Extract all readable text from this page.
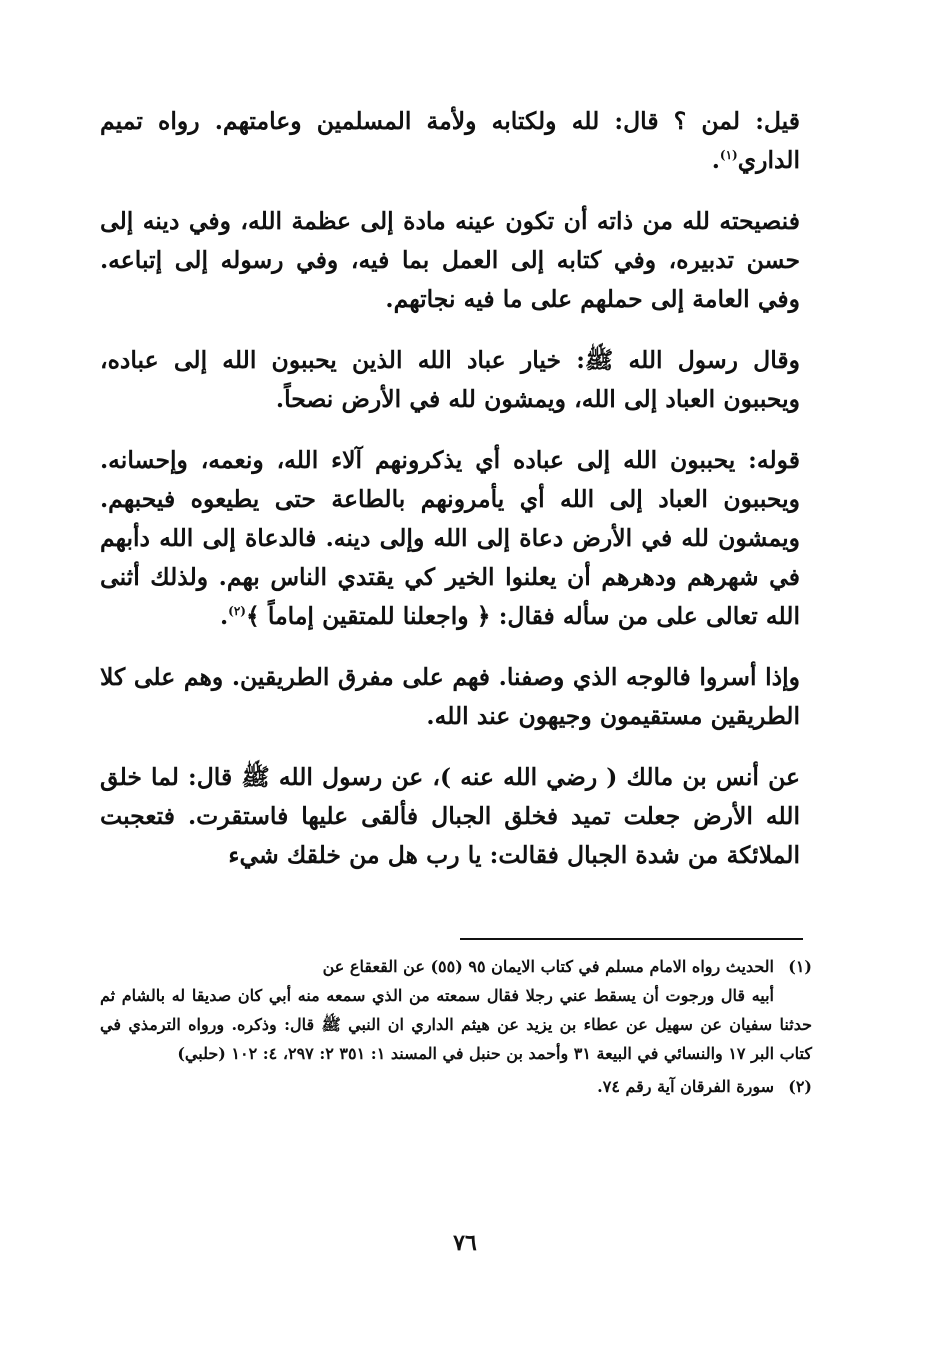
قيل: لمن ؟ قال: لله ولكتابه ولأمة المسلمين وعامتهم. رواه تميم الداري$^{(١)}$.

فنصيحته لله من ذاته أن تكون عينه مادة إلى عظمة الله، وفي دينه إلى حسن تدبيره، وفي كتابه إلى العمل بما فيه، وفي رسوله إلى إتباعه. وفي العامة إلى حملهم على ما فيه نجاتهم.

وقال رسول الله ﷺ: خيار عباد الله الذين يحببون الله إلى عباده، ويحببون العباد إلى الله، ويمشون لله في الأرض نصحاً.

قوله: يحببون الله إلى عباده أي يذكرونهم آلاء الله، ونعمه، وإحسانه. ويحببون العباد إلى الله أي يأمرونهم بالطاعة حتى يطيعوه فيحبهم. ويمشون لله في الأرض دعاة إلى الله وإلى دينه. فالدعاة إلى الله دأبهم في شهرهم ودهرهم أن يعلنوا الخير كي يقتدي الناس بهم. ولذلك أثنى الله تعالى على من سأله فقال: ﴿ واجعلنا للمتقين إماماً ﴾$^{(٢)}$.

وإذا أسروا فالوجه الذي وصفنا. فهم على مفرق الطريقين. وهم على كلا الطريقين مستقيمون وجيهون عند الله.

عن أنس بن مالك ( رضي الله عنه )، عن رسول الله ﷺ قال: لما خلق الله الأرض جعلت تميد فخلق الجبال فألقى عليها فاستقرت. فتعجبت الملائكة من شدة الجبال فقالت: يا رب هل من خلقك شيء

(١)الحديث رواه الامام مسلم في كتاب الايمان ٩٥ (٥٥) عن القعقاع عن
أبيه قال ورجوت أن يسقط عني رجلا فقال سمعته من الذي سمعه منه أبي كان صديقا له بالشام ثم حدثنا سفيان عن سهيل عن عطاء بن يزيد عن هيثم الداري ان النبي ﷺ قال: وذكره. ورواه الترمذي في كتاب البر ١٧ والنسائي في البيعة ٣١ وأحمد بن حنبل في المسند ١: ٣٥١ ٢: ٢٩٧، ٤: ١٠٢ (حلبي)

(٢)سورة الفرقان آية رقم ٧٤.

٧٦
